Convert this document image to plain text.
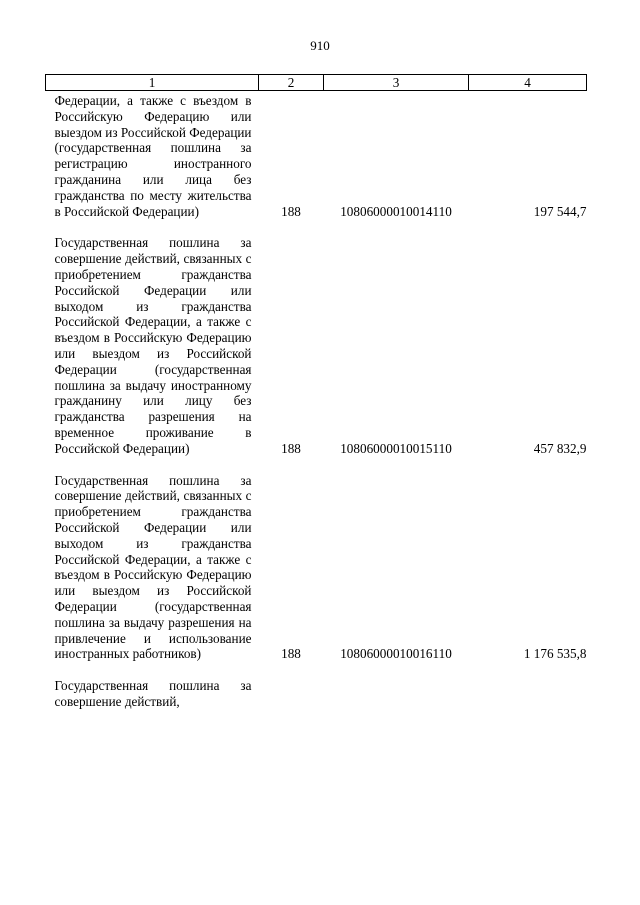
910
1	2	3	4
Федерации, а также с въездом в Российскую Федерацию или выездом из Российской Федерации (государственная пошлина за регистрацию иностранного гражданина или лица без гражданства по месту жительства в Российской Федерации)	188	10806000010014110	197 544,7

Государственная пошлина за совершение действий, связанных с приобретением гражданства Российской Федерации или выходом из гражданства Российской Федерации, а также с въездом в Российскую Федерацию или выездом из Российской Федерации (государственная пошлина за выдачу иностранному гражданину или лицу без гражданства разрешения на временное проживание в Российской Федерации)	188	10806000010015110	457 832,9

Государственная пошлина за совершение действий, связанных с приобретением гражданства Российской Федерации или выходом из гражданства Российской Федерации, а также с въездом в Российскую Федерацию или выездом из Российской Федерации (государственная пошлина за выдачу разрешения на привлечение и использование иностранных работников)	188	10806000010016110	1 176 535,8

Государственная пошлина за совершение действий,			
